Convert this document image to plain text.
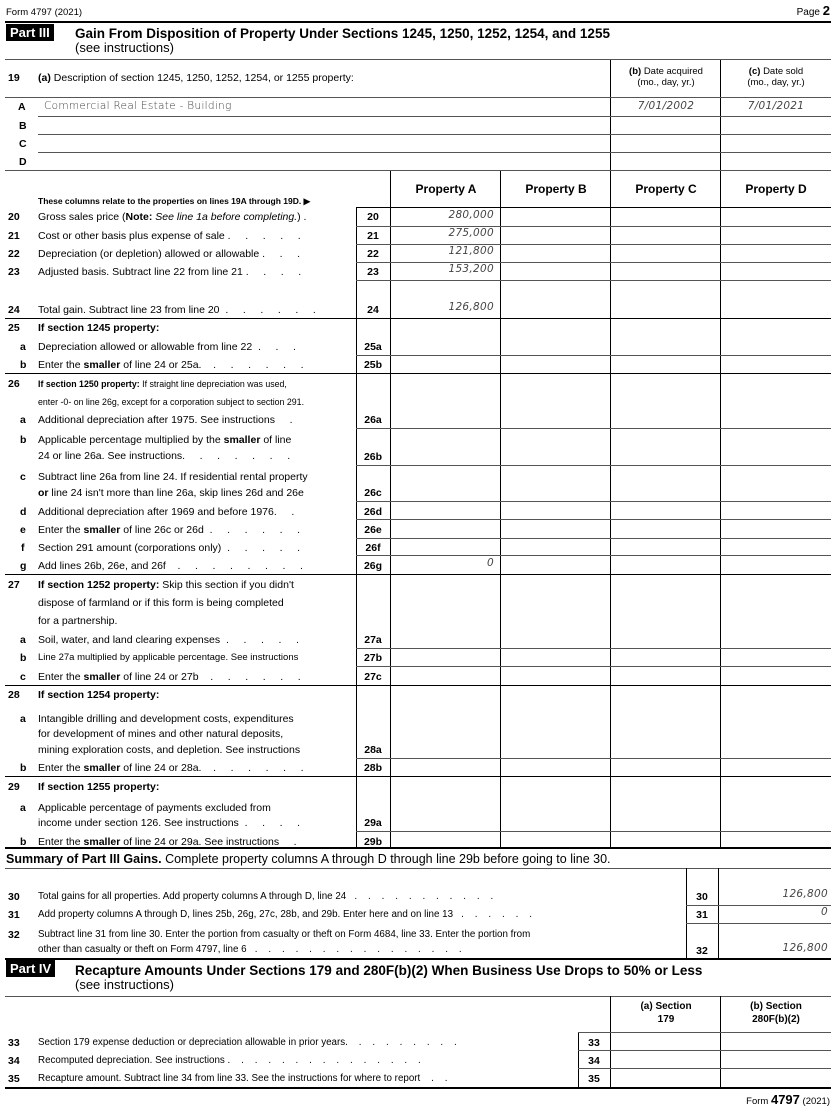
Form 4797 (2021)	Page 2
Part III Gain From Disposition of Property Under Sections 1245, 1250, 1252, 1254, and 1255
(see instructions)
19 (a) Description of section 1245, 1250, 1252, 1254, or 1255 property:
(b) Date acquired
(mo., day, yr.)
(c) Date sold
(mo., day, yr.)
A Commercial Real Estate - Building	7/01/2002	7/01/2021
B
C
D
These columns relate to the properties on lines 19A through 19D. ▶
Property A	Property B	Property C	Property D
20 Gross sales price (Note: See line 1a before completing.) .	20	280,000
21 Cost or other basis plus expense of sale .     .     .     .     .	21	275,000
22 Depreciation (or depletion) allowed or allowable .     .     .	22	121,800
23 Adjusted basis. Subtract line 22 from line 21 .     .     .     .	23	153,200
24 Total gain. Subtract line 23 from line 20  .     .     .     .     .     .	24	126,800
25 If section 1245 property:
a Depreciation allowed or allowable from line 22  .     .     .	25a
b Enter the smaller of line 24 or 25a.    .     .     .     .     .     .	25b
26 If section 1250 property: If straight line depreciation was used,
enter -0- on line 26g, except for a corporation subject to section 291.
a Additional depreciation after 1975. See instructions     .	26a
b Applicable percentage multiplied by the smaller of line
24 or line 26a. See instructions.     .     .     .     .     .     .	26b
c Subtract line 26a from line 24. If residential rental property
or line 24 isn't more than line 26a, skip lines 26d and 26e	26c
d Additional depreciation after 1969 and before 1976.     .	26d
e Enter the smaller of line 26c or 26d  .     .     .     .     .     .	26e
f Section 291 amount (corporations only)  .     .     .     .     .	26f
g Add lines 26b, 26e, and 26f    .     .     .     .     .     .     .     .	26g	0
27 If section 1252 property: Skip this section if you didn't
dispose of farmland or if this form is being completed
for a partnership.
a Soil, water, and land clearing expenses  .     .     .     .     .	27a
b Line 27a multiplied by applicable percentage. See instructions	27b
c Enter the smaller of line 24 or 27b    .     .     .     .     .     .	27c
28 If section 1254 property:
a Intangible drilling and development costs, expenditures
for development of mines and other natural deposits,
mining exploration costs, and depletion. See instructions	28a
b Enter the smaller of line 24 or 28a.    .     .     .     .     .     .	28b
29 If section 1255 property:
a Applicable percentage of payments excluded from
income under section 126. See instructions  .     .     .     .	29a
b Enter the smaller of line 24 or 29a. See instructions     .	29b
Summary of Part III Gains. Complete property columns A through D through line 29b before going to line 30.
30 Total gains for all properties. Add property columns A through D, line 24   .    .    .    .    .    .    .    .    .    .    .	30	126,800
31 Add property columns A through D, lines 25b, 26g, 27c, 28b, and 29b. Enter here and on line 13   .    .    .    .    .    .	31	0
32 Subtract line 31 from line 30. Enter the portion from casualty or theft on Form 4684, line 33. Enter the portion from
other than casualty or theft on Form 4797, line 6   .    .    .    .    .    .    .    .    .    .    .    .    .    .    .    .	32	126,800
Part IV Recapture Amounts Under Sections 179 and 280F(b)(2) When Business Use Drops to 50% or Less
(see instructions)
(a) Section
179
(b) Section
280F(b)(2)
33 Section 179 expense deduction or depreciation allowable in prior years.    .    .    .    .    .    .    .    .	33
34 Recomputed depreciation. See instructions .    .    .    .    .    .    .    .    .    .    .    .    .    .    .	34
35 Recapture amount. Subtract line 34 from line 33. See the instructions for where to report    .    .	35
Form 4797 (2021)
